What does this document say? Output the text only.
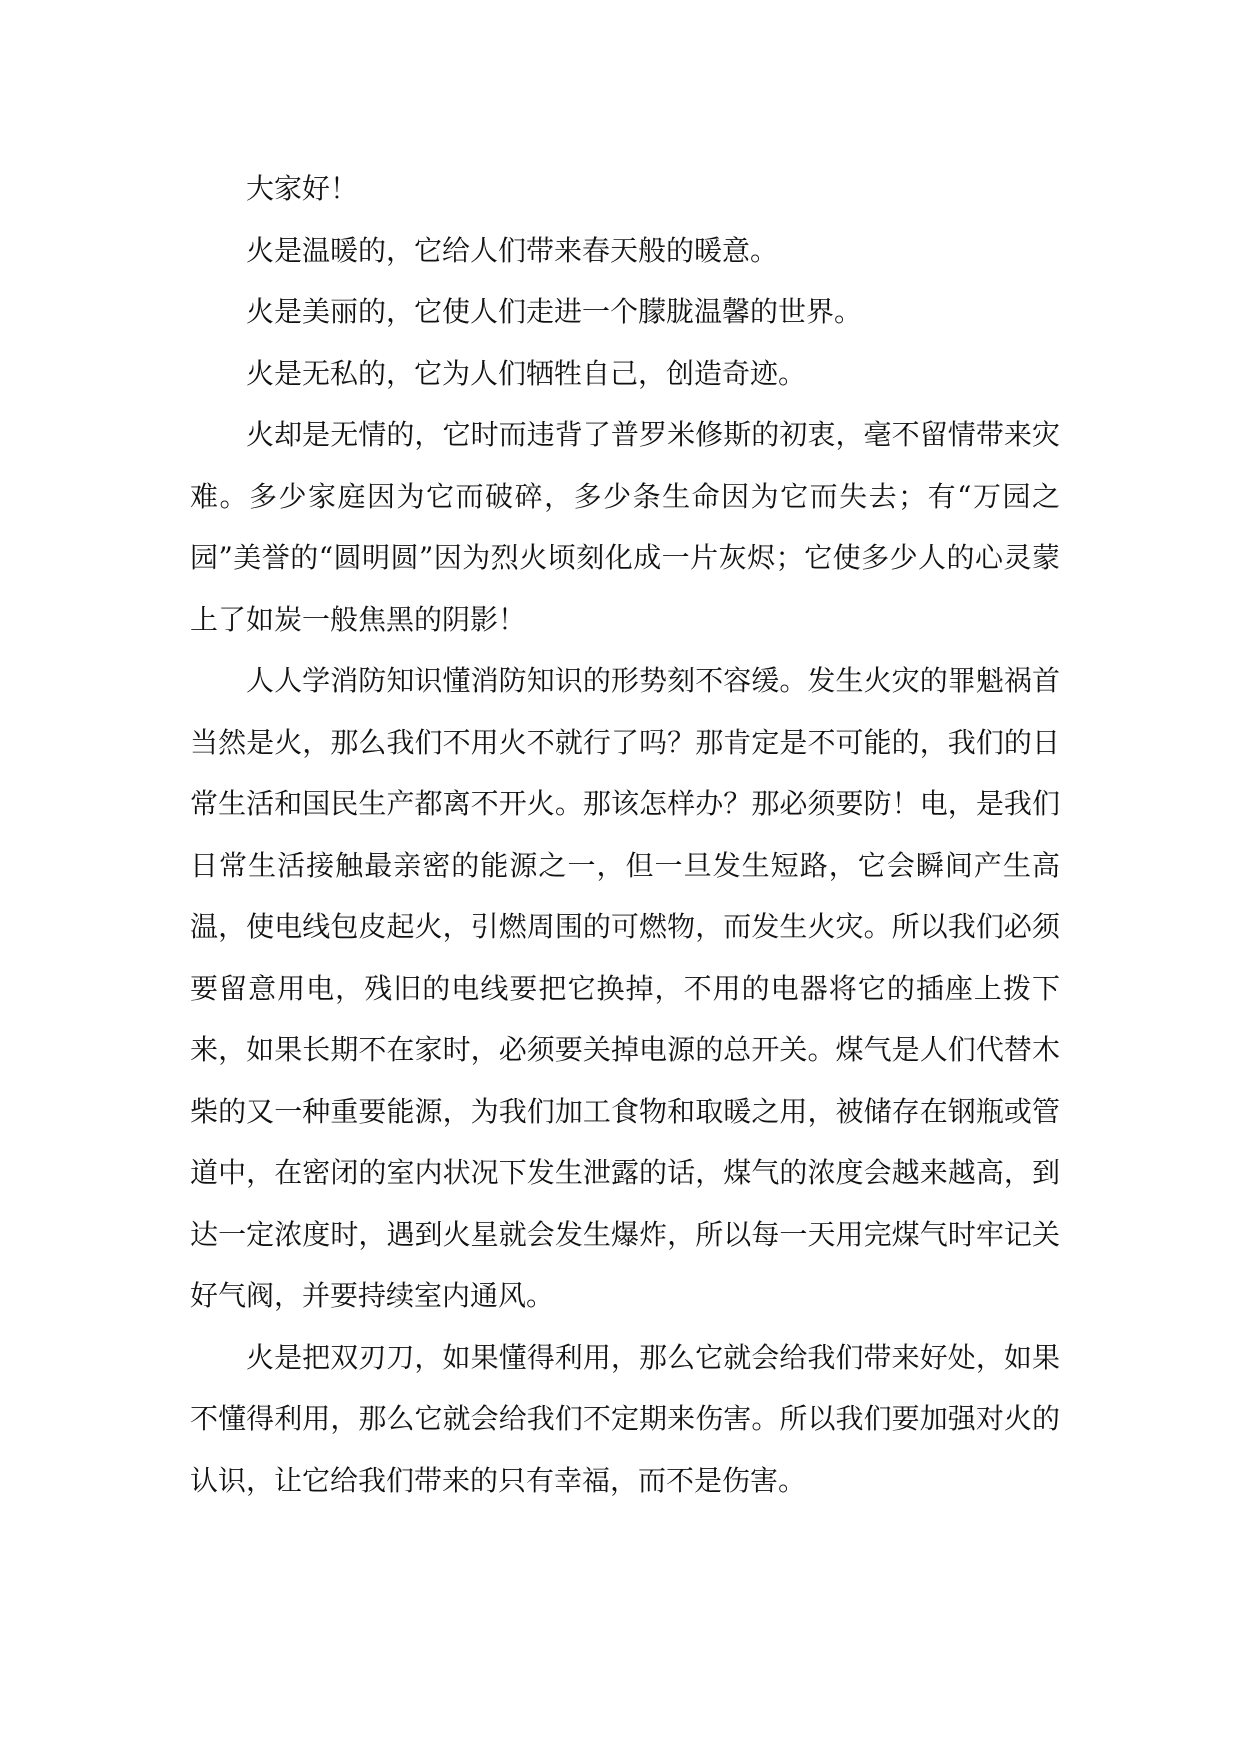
大家好！

火是温暖的，它给人们带来春天般的暖意。

火是美丽的，它使人们走进一个朦胧温馨的世界。

火是无私的，它为人们牺牲自己，创造奇迹。

火却是无情的，它时而违背了普罗米修斯的初衷，毫不留情带来灾难。多少家庭因为它而破碎，多少条生命因为它而失去；有“万园之园”美誉的“圆明圆”因为烈火顷刻化成一片灰烬；它使多少人的心灵蒙上了如炭一般焦黑的阴影！

人人学消防知识懂消防知识的形势刻不容缓。发生火灾的罪魁祸首当然是火，那么我们不用火不就行了吗？那肯定是不可能的，我们的日常生活和国民生产都离不开火。那该怎样办？那必须要防！电，是我们日常生活接触最亲密的能源之一，但一旦发生短路，它会瞬间产生高温，使电线包皮起火，引燃周围的可燃物，而发生火灾。所以我们必须要留意用电，残旧的电线要把它换掉，不用的电器将它的插座上拨下来，如果长期不在家时，必须要关掉电源的总开关。煤气是人们代替木柴的又一种重要能源，为我们加工食物和取暖之用，被储存在钢瓶或管道中，在密闭的室内状况下发生泄露的话，煤气的浓度会越来越高，到达一定浓度时，遇到火星就会发生爆炸，所以每一天用完煤气时牢记关好气阀，并要持续室内通风。

火是把双刃刀，如果懂得利用，那么它就会给我们带来好处，如果不懂得利用，那么它就会给我们不定期来伤害。所以我们要加强对火的认识，让它给我们带来的只有幸福，而不是伤害。
